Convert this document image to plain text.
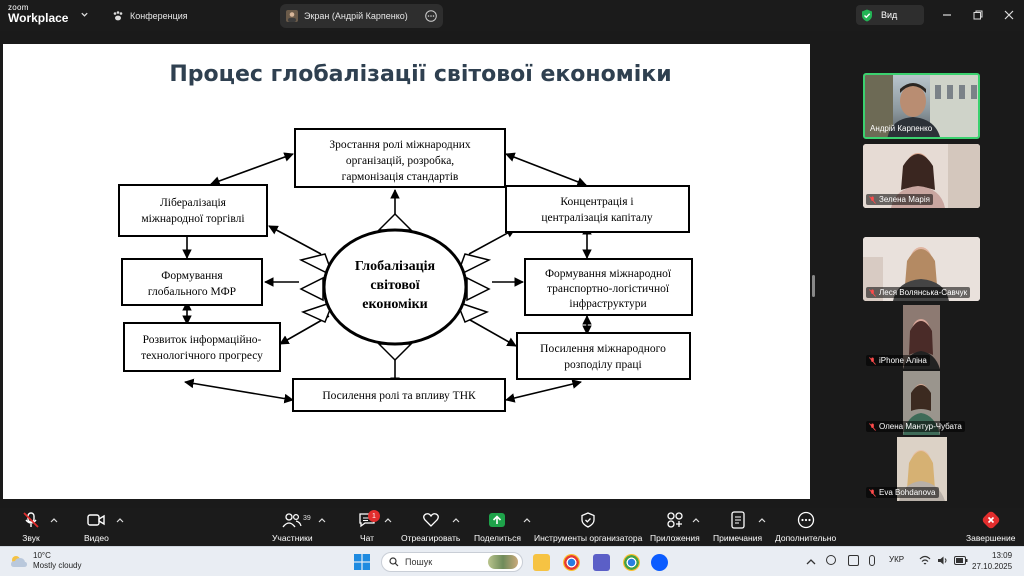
zoom
Workplace	Конференция	Экран (Андрій Карпенко)	Вид
Процес глобалізації світової економіки
Глобалізація
світової
економіки
Зростання ролі міжнародних
організацій, розробка,
гармонізація стандартів
Лібералізація
міжнародної торгівлі
Концентрація і
централізація капіталу
Формування
глобального МФР
Формування міжнародної
транспортно-логістичної
інфраструктури
Розвиток інформаційно-
технологічного прогресу
Посилення міжнародного
розподілу праці
Посилення ролі та впливу ТНК
Андрій Карпенко
Зелена Марія
Леся Волянська-Савчук
iPhone Аліна
Олена Мантур-Чубата
Eva Bohdanova
Звук	Видео	Участники
39
Чат
1
Отреагировать Поделиться Инструменты организатора Приложения Примечания Дополнительно	Завершение
10°C
Mostly cloudy	Пошук	УКР	13:09
27.10.2025
